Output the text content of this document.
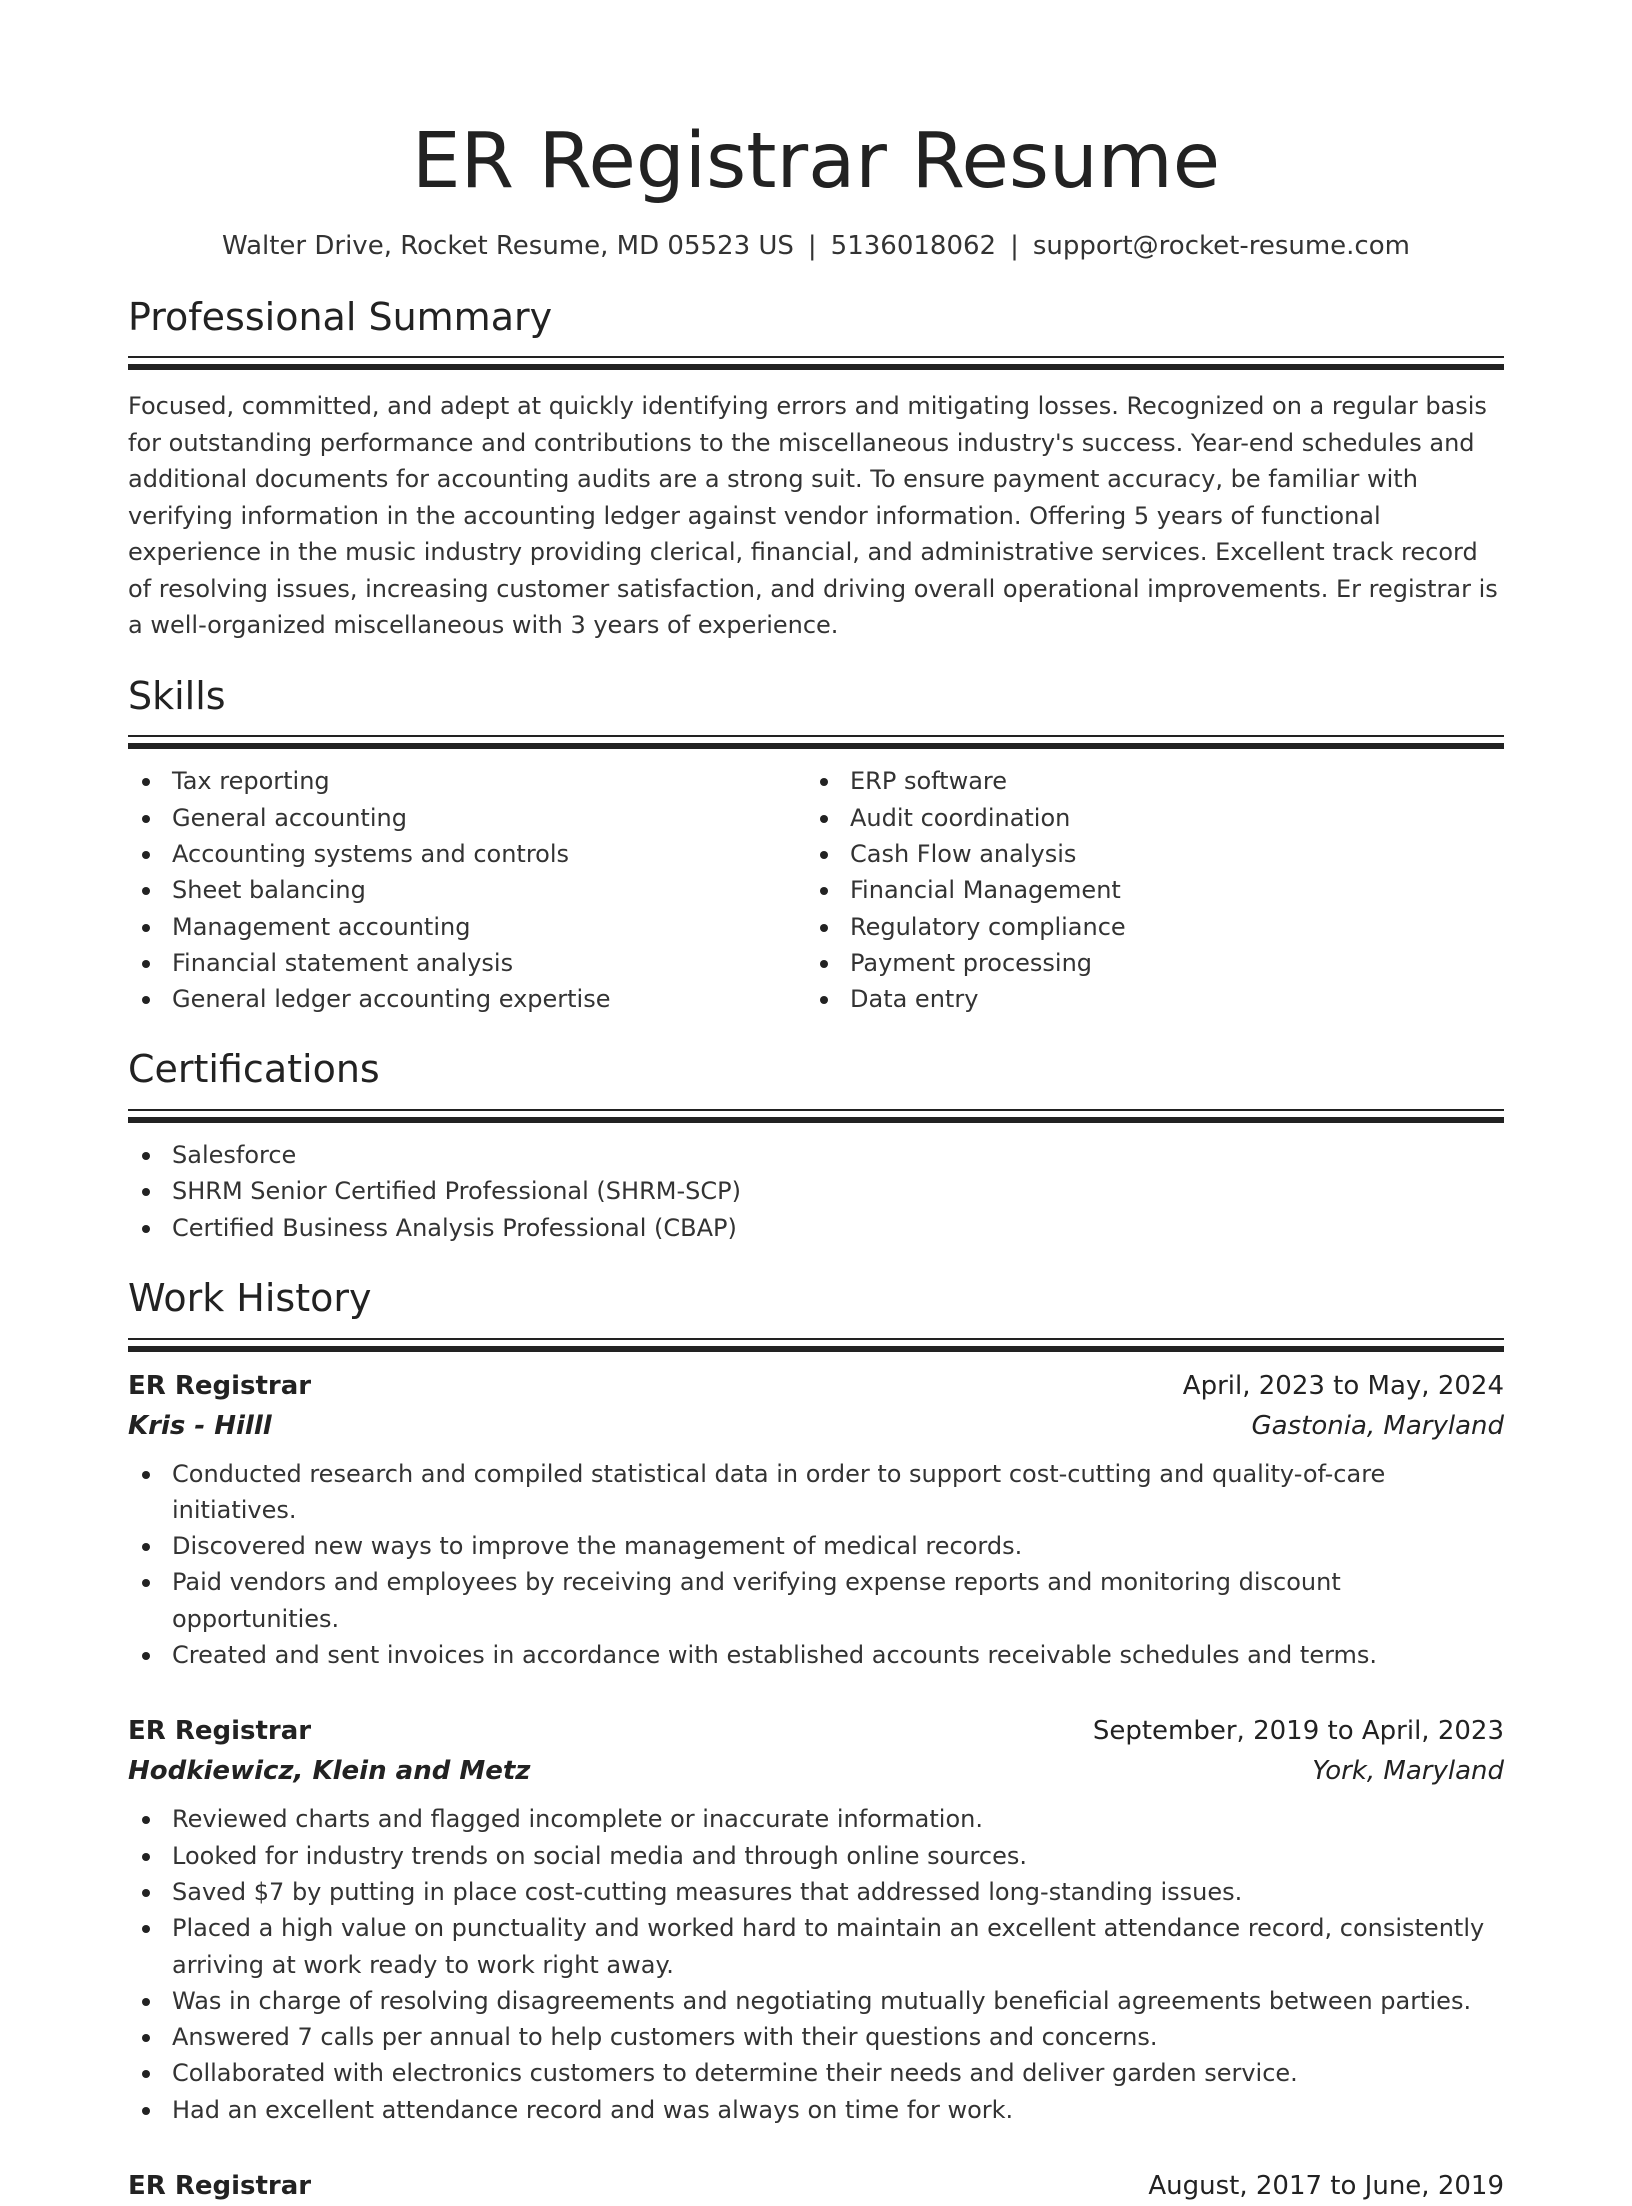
ER Registrar Resume
Walter Drive, Rocket Resume, MD 05523 US | 5136018062 | support@rocket-resume.com
Professional Summary
Focused, committed, and adept at quickly identifying errors and mitigating losses. Recognized on a regular basis for outstanding performance and contributions to the miscellaneous industry's success. Year-end schedules and additional documents for accounting audits are a strong suit. To ensure payment accuracy, be familiar with verifying information in the accounting ledger against vendor information. Offering 5 years of functional experience in the music industry providing clerical, financial, and administrative services. Excellent track record of resolving issues, increasing customer satisfaction, and driving overall operational improvements. Er registrar is a well-organized miscellaneous with 3 years of experience.
Skills
Tax reporting
General accounting
Accounting systems and controls
Sheet balancing
Management accounting
Financial statement analysis
General ledger accounting expertise
ERP software
Audit coordination
Cash Flow analysis
Financial Management
Regulatory compliance
Payment processing
Data entry
Certifications
Salesforce
SHRM Senior Certified Professional (SHRM-SCP)
Certified Business Analysis Professional (CBAP)
Work History
ER Registrar	April, 2023 to May, 2024
Kris - Hilll	Gastonia, Maryland
Conducted research and compiled statistical data in order to support cost-cutting and quality-of-care initiatives.
Discovered new ways to improve the management of medical records.
Paid vendors and employees by receiving and verifying expense reports and monitoring discount opportunities.
Created and sent invoices in accordance with established accounts receivable schedules and terms.
ER Registrar	September, 2019 to April, 2023
Hodkiewicz, Klein and Metz	York, Maryland
Reviewed charts and flagged incomplete or inaccurate information.
Looked for industry trends on social media and through online sources.
Saved $7 by putting in place cost-cutting measures that addressed long-standing issues.
Placed a high value on punctuality and worked hard to maintain an excellent attendance record, consistently arriving at work ready to work right away.
Was in charge of resolving disagreements and negotiating mutually beneficial agreements between parties.
Answered 7 calls per annual to help customers with their questions and concerns.
Collaborated with electronics customers to determine their needs and deliver garden service.
Had an excellent attendance record and was always on time for work.
ER Registrar	August, 2017 to June, 2019
